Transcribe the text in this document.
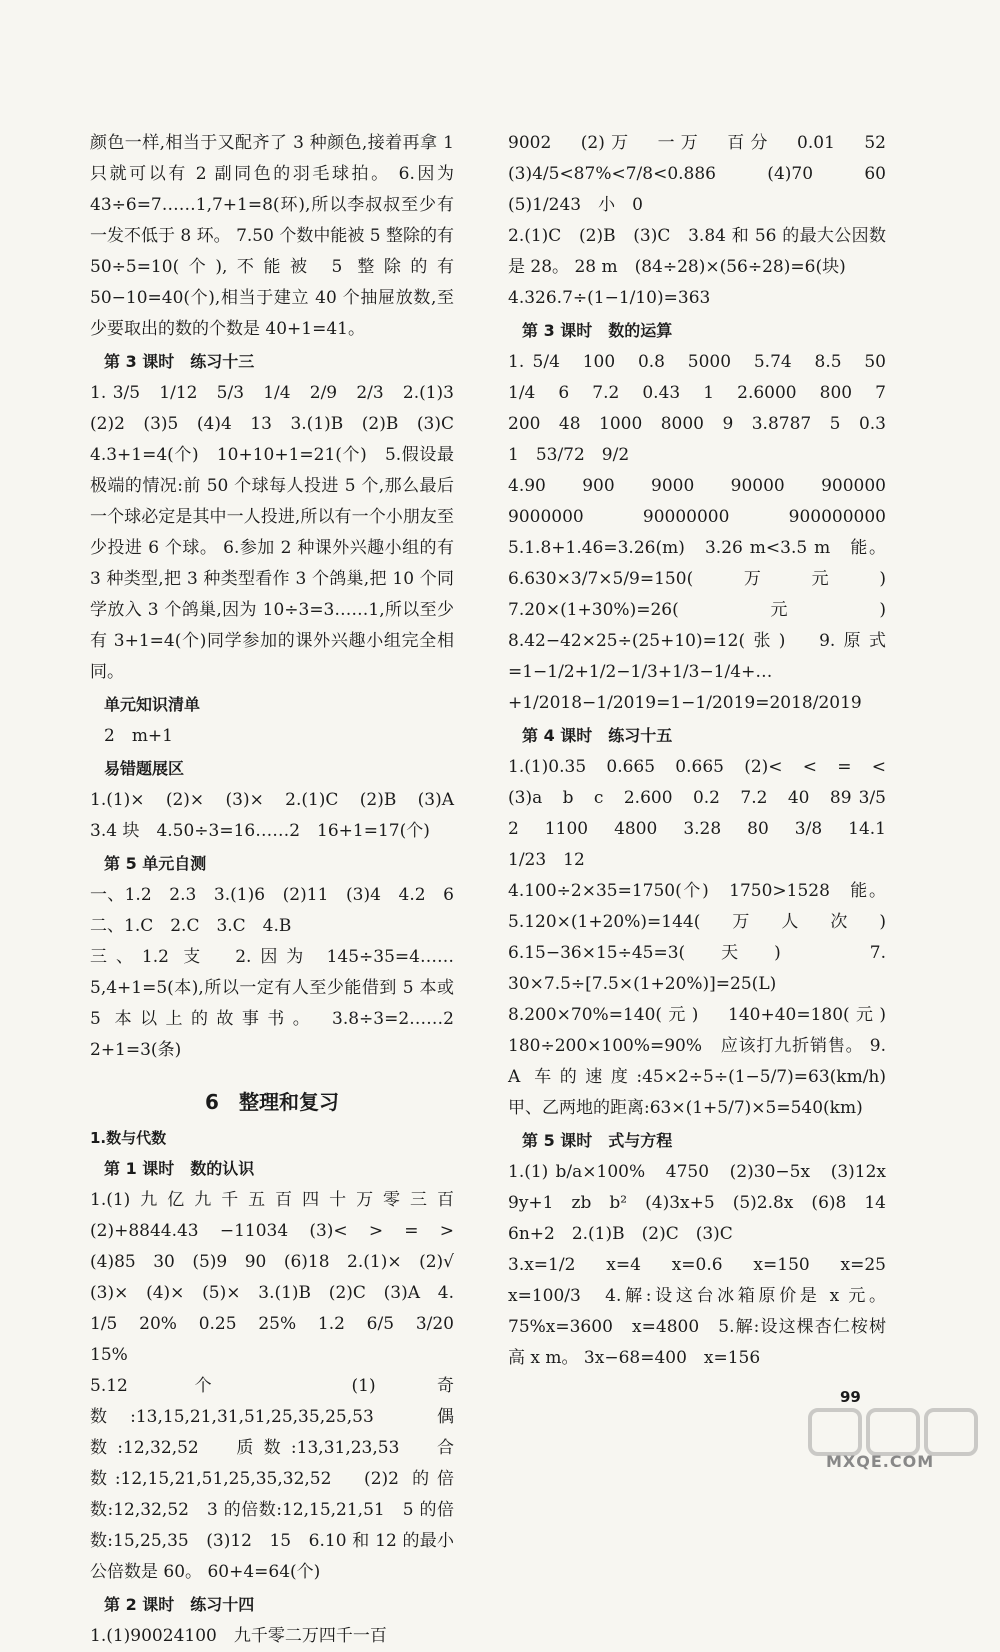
颜色一样,相当于又配齐了 3 种颜色,接着再拿 1 只就可以有 2 副同色的羽毛球拍。 6.因为 43÷6=7……1,7+1=8(环),所以李叔叔至少有一发不低于 8 环。 7.50 个数中能被 5 整除的有 50÷5=10(个),不能被 5 整除的有 50−10=40(个),相当于建立 40 个抽屉放数,至少要取出的数的个数是 40+1=41。

第 3 课时　练习十三

1. 3/5　1/12　5/3　1/4　2/9　2/3　2.(1)3　(2)2　(3)5　(4)4　13　3.(1)B　(2)B　(3)C　4.3+1=4(个)　10+10+1=21(个)　5.假设最极端的情况:前 50 个球每人投进 5 个,那么最后一个球必定是其中一人投进,所以有一个小朋友至少投进 6 个球。 6.参加 2 种课外兴趣小组的有 3 种类型,把 3 种类型看作 3 个鸽巢,把 10 个同学放入 3 个鸽巢,因为 10÷3=3……1,所以至少有 3+1=4(个)同学参加的课外兴趣小组完全相同。

单元知识清单

2　m+1

易错题展区

1.(1)×　(2)×　(3)×　2.(1)C　(2)B　(3)A　3.4 块　4.50÷3=16……2　16+1=17(个)

第 5 单元自测

一、1.2　2.3　3.(1)6　(2)11　(3)4　4.2　6　二、1.C　2.C　3.C　4.B

三、1.2 支　2.因为 145÷35=4……5,4+1=5(本),所以一定有人至少能借到 5 本或 5 本以上的故事书。 3.8÷3=2……2　2+1=3(条)

6　整理和复习

1.数与代数

第 1 课时　数的认识

1.(1)九亿九千五百四十万零三百　(2)+8844.43　−11034　(3)<　>　=　>　(4)85　30　(5)9　90　(6)18　2.(1)×　(2)√　(3)×　(4)×　(5)×　3.(1)B　(2)C　(3)A　4. 1/5　20%　0.25　25%　1.2　6/5　3/20　15%

5.12 个　(1)奇数:13,15,21,31,51,25,35,25,53　偶数:12,32,52　质数:13,31,23,53　合数:12,15,21,51,25,35,32,52　(2)2 的倍数:12,32,52　3 的倍数:12,15,21,51　5 的倍数:15,25,35　(3)12　15　6.10 和 12 的最小公倍数是 60。 60+4=64(个)

第 2 课时　练习十四

1.(1)90024100　九千零二万四千一百

9002　(2)万　一万　百分　0.01　52　(3)4/5<87%<7/8<0.886　(4)70　60　(5)1/243　小　0

2.(1)C　(2)B　(3)C　3.84 和 56 的最大公因数是 28。 28 m　(84÷28)×(56÷28)=6(块)

4.326.7÷(1−1/10)=363

第 3 课时　数的运算

1. 5/4　100　0.8　5000　5.74　8.5　50　1/4　6　7.2　0.43　1　2.6000　800　7　200　48　1000　8000　9　3.8787　5　0.3　1　53/72　9/2

4.90　900　9000　90000　900000　9000000　90000000　900000000　5.1.8+1.46=3.26(m)　3.26 m<3.5 m　能。 6.630×3/7×5/9=150(万元)　7.20×(1+30%)=26(元)　8.42−42×25÷(25+10)=12(张)　9.原式=1−1/2+1/2−1/3+1/3−1/4+…+1/2018−1/2019=1−1/2019=2018/2019

第 4 课时　练习十五

1.(1)0.35　0.665　0.665　(2)<　<　=　<　(3)a　b　c　2.600　0.2　7.2　40　89 3/5　2　1100　4800　3.28　80　3/8　14.1　1/23　12

4.100÷2×35=1750(个)　1750>1528　能。 5.120×(1+20%)=144(万人次)　6.15−36×15÷45=3(天)　7. 30×7.5÷[7.5×(1+20%)]=25(L)　8.200×70%=140(元)　140+40=180(元)　180÷200×100%=90%　应该打九折销售。 9. A 车的速度:45×2÷5÷(1−5/7)=63(km/h)　甲、乙两地的距离:63×(1+5/7)×5=540(km)

第 5 课时　式与方程

1.(1) b/a×100%　4750　(2)30−5x　(3)12x　9y+1　zb　b²　(4)3x+5　(5)2.8x　(6)8　14　6n+2　2.(1)B　(2)C　(3)C

3.x=1/2　x=4　x=0.6　x=150　x=25　x=100/3　4.解:设这台冰箱原价是 x 元。 75%x=3600　x=4800　5.解:设这棵杏仁桉树高 x m。 3x−68=400　x=156

99
MXQE.COM
